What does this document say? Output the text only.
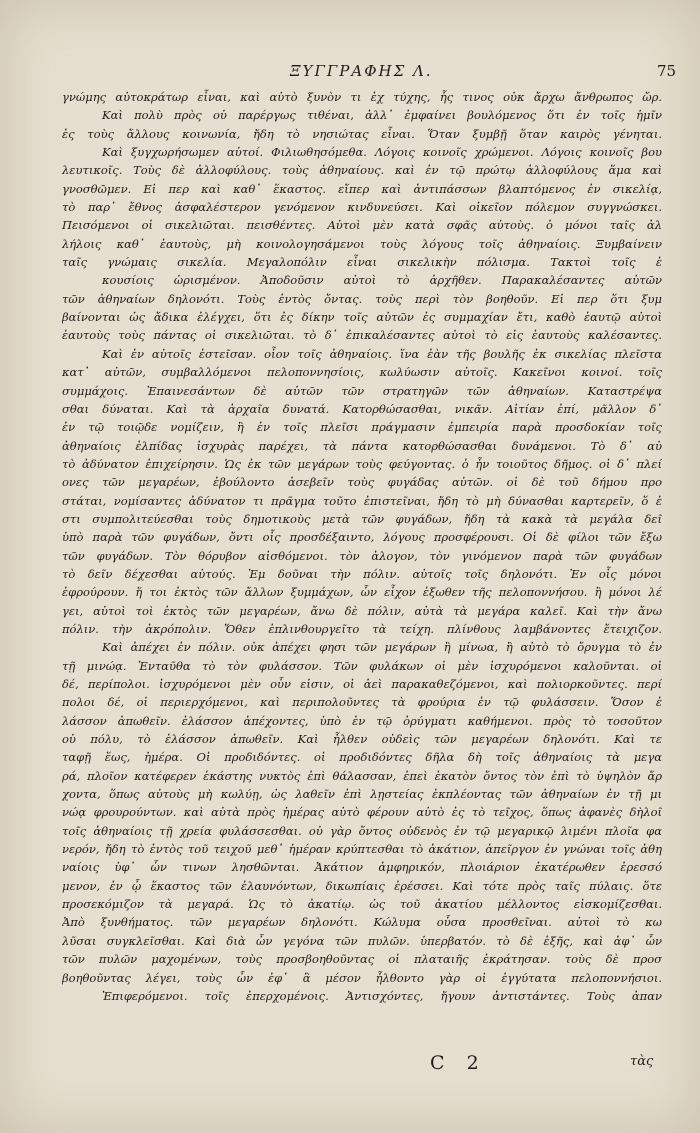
ΞΥΓΓΡΑΦΗΣ Λ.	75
γνώμης αὐτοκράτωρ εἶναι, καὶ αὐτὸ ξυνὸν τι ἐχ τύχης, ἧς τινος οὐκ ἄρχω ἄνθρωπος ὤρ.
Καὶ πολὺ πρὸς οὐ παρέργως τιθέναι, ἀλλ᾽ ἐμφαίνει βουλόμενος ὅτι ἐν τοῖς ἡμῖν
ἐς τοὺς ἄλλους κοινωνία, ἤδη τὸ νησιώτας εἶναι. Ὅταν ξυμβῇ ὅταν καιρὸς γένηται.
Καὶ ξυγχωρήσωμεν αὐτοί. Φιλιωθησόμεθα. Λόγοις κοινοῖς χρώμενοι. Λόγοις κοινοῖς βου
λευτικοῖς. Τοὺς δὲ ἀλλοφύλους. τοὺς ἀθηναίους. καὶ ἐν τῷ πρώτῳ ἀλλοφύλους ἅμα καὶ
γνοσθῶμεν. Εἰ περ καὶ καθ᾽ ἕκαστος. εἴπερ καὶ ἀντιπάσσων βλαπτόμενος ἐν σικελίᾳ,
τὸ παρ᾽ ἔθνος ἀσφαλέστερον γενόμενον κινδυνεύσει. Καὶ οἰκεῖον πόλεμον συγγνώσκει.
Πεισόμενοι οἱ σικελιῶται. πεισθέντες. Αὐτοὶ μὲν κατὰ σφᾶς αὐτοὺς. ὁ μόνοι ταῖς ἀλ
λήλοις καθ᾽ ἑαυτοὺς, μὴ κοινολογησάμενοι τοὺς λόγους τοῖς ἀθηναίοις. Ξυμβαίνειν
ταῖς γνώμαις σικελία. Μεγαλοπόλιν εἶναι σικελικὴν πόλισμα. Τακτοὶ τοῖς ἑ
κουσίοις ὡρισμένον. Ἀποδοῦσιν αὐτοὶ τὸ ἀρχῆθεν. Παρακαλέσαντες αὐτῶν
τῶν ἀθηναίων δηλονότι. Τοὺς ἐντὸς ὄντας. τοὺς περὶ τὸν βοηθοῦν. Εἰ περ ὅτι ξυμ
βαίνονται ὡς ἄδικα ἐλέγχει, ὅτι ἐς δίκην τοῖς αὐτῶν ἐς συμμαχίαν ἔτι, καθὸ ἑαυτῷ αὐτοὶ
ἑαυτοὺς τοὺς πάντας οἱ σικελιῶται. τὸ δ᾽ ἐπικαλέσαντες αὐτοὶ τὸ εἰς ἑαυτοὺς καλέσαντες.
Καὶ ἐν αὐτοῖς ἐστεῖσαν. οἷον τοῖς ἀθηναίοις. ἵνα ἐὰν τῆς βουλῆς ἐκ σικελίας πλεῖστα
κατ᾽ αὐτῶν, συμβαλλόμενοι πελοποννησίοις, κωλύωσιν αὐτοῖς. Κακεῖνοι κοινοί. τοῖς
συμμάχοις. Ἐπαινεσάντων δὲ αὐτῶν τῶν στρατηγῶν τῶν ἀθηναίων. Καταστρέψα
σθαι δύναται. Καὶ τὰ ἀρχαῖα δυνατά. Κατορθώσασθαι, νικᾶν. Αἰτίαν ἐπί, μᾶλλον δ᾽
ἐν τῷ τοιῷδε νομίζειν, ἢ ἐν τοῖς πλεῖσι πράγμασιν ἐμπειρία παρὰ προσδοκίαν τοῖς
ἀθηναίοις ἐλπίδας ἰσχυρὰς παρέχει, τὰ πάντα κατορθώσασθαι δυνάμενοι. Τὸ δ᾽ αὐ
τὸ ἀδύνατον ἐπιχείρησιν. Ὡς ἐκ τῶν μεγάρων τοὺς φεύγοντας. ὁ ἦν τοιοῦτος δῆμος. οἱ δ᾽ πλεί
ονες τῶν μεγαρέων, ἐβούλοντο ἀσεβεῖν τοὺς φυγάδας αὐτῶν. οἱ δὲ τοῦ δήμου προ
στάται, νομίσαντες ἀδύνατον τι πρᾶγμα τοῦτο ἐπιστεῖναι, ἤδη τὸ μὴ δύνασθαι καρτερεῖν, ὅ ἐ
στι συμπολιτεύεσθαι τοὺς δημοτικοὺς μετὰ τῶν φυγάδων, ἤδη τὰ κακὰ τὰ μεγάλα δεῖ
ὑπὸ παρὰ τῶν φυγάδων, ὄντι οἷς προσδέξαιντο, λόγους προσφέρουσι. Οἱ δὲ φίλοι τῶν ἔξω
τῶν φυγάδων. Τὸν θόρυβον αἰσθόμενοι. τὸν ἀλογον, τὸν γινόμενον παρὰ τῶν φυγάδων
τὸ δεῖν δέχεσθαι αὐτούς. Ἐμ δοῦναι τὴν πόλιν. αὐτοῖς τοῖς δηλονότι. Ἐν οἷς μόνοι
ἐφρούρουν. ἥ τοι ἐκτὸς τῶν ἄλλων ξυμμάχων, ὧν εἶχον ἐξωθεν τῆς πελοποννήσου. ἢ μόνοι λέ
γει, αὐτοὶ τοὶ ἐκτὸς τῶν μεγαρέων, ἄνω δὲ πόλιν, αὐτὰ τὰ μεγάρα καλεῖ. Καὶ τὴν ἄνω
πόλιν. τὴν ἀκρόπολιν. Ὅθεν ἐπλινθουργεῖτο τὰ τείχη. πλίνθους λαμβάνοντες ἔτειχιζον.
Καὶ ἀπέχει ἐν πόλιν. οὐκ ἀπέχει φησι τῶν μεγάρων ἢ μίνωα, ἢ αὐτὸ τὸ ὄρυγμα τὸ ἐν
τῇ μινώᾳ. Ἐνταῦθα τὸ τὸν φυλάσσον. Τῶν φυλάκων οἱ μὲν ἰσχυρόμενοι καλοῦνται. οἱ
δέ, περίπολοι. ἰσχυρόμενοι μὲν οὖν εἰσιν, οἱ ἀεὶ παρακαθεζόμενοι, καὶ πολιορκοῦντες. περί
πολοι δέ, οἱ περιερχόμενοι, καὶ περιπολοῦντες τὰ φρούρια ἐν τῷ φυλάσσειν. Ὅσον ἐ
λάσσον ἀπωθεῖν. ἐλάσσον ἀπέχοντες, ὑπὸ ἐν τῷ ὀρύγματι καθήμενοι. πρὸς τὸ τοσοῦτον
οὐ πόλυ, τὸ ἐλάσσον ἀπωθεῖν. Καὶ ἦλθεν οὐδεὶς τῶν μεγαρέων δηλονότι. Καὶ τε
ταφῇ ἕως, ἡμέρα. Οἱ προδιδόντες. οἱ προδιδόντες δῆλα δὴ τοῖς ἀθηναίοις τὰ μεγα
ρά, πλοῖον κατέφερεν ἑκάστης νυκτὸς ἐπὶ θάλασσαν, ἐπεὶ ἑκατὸν ὄντος τὸν ἐπὶ τὸ ὑψηλὸν ἄρ
χοντα, ὅπως αὐτοὺς μὴ κωλύῃ, ὡς λαθεῖν ἐπὶ λῃστείας ἐκπλέοντας τῶν ἀθηναίων ἐν τῇ μι
νώᾳ φρουρούντων. καὶ αὐτὰ πρὸς ἡμέρας αὐτὸ φέρουν αὐτὸ ἐς τὸ τεῖχος, ὅπως ἀφανὲς δὴλοῖ
τοῖς ἀθηναίοις τῇ χρεία φυλάσσεσθαι. οὐ γὰρ ὄντος οὐδενὸς ἐν τῷ μεγαρικῷ λιμένι πλοῖα φα
νερόν, ἤδη τὸ ἐντὸς τοῦ τειχοῦ μεθ᾽ ἡμέραν κρύπτεσθαι τὸ ἀκάτιον, ἀπεῖργον ἐν γνώναι τοῖς ἀθη
ναίοις ὑφ᾽ ὧν τινων λησθῶνται. Ἀκάτιον ἀμφηρικόν, πλοιάριον ἑκατέρωθεν ἐρεσσό
μενον, ἐν ᾧ ἕκαστος τῶν ἐλαυνόντων, δικωπίαις ἐρέσσει. Καὶ τότε πρὸς ταῖς πύλαις. ὅτε
προσεκόμιζον τὰ μεγαρά. Ὡς τὸ ἀκατίῳ. ὡς τοῦ ἀκατίου μέλλοντος εἰσκομίζεσθαι.
Ἀπὸ ξυνθήματος. τῶν μεγαρέων δηλονότι. Κώλυμα οὖσα προσθεῖναι. αὐτοὶ τὸ κω
λῦσαι συγκλεῖσθαι. Καὶ διὰ ὧν γεγόνα τῶν πυλῶν. ὑπερβατόν. τὸ δὲ ἑξῆς, καὶ ἀφ᾽ ὧν
τῶν πυλῶν μαχομένων, τοὺς προσβοηθοῦντας οἱ πλαταιῆς ἐκράτησαν. τοὺς δὲ προσ
βοηθοῦντας λέγει, τοὺς ὧν ἐφ᾽ ἃ μέσον ἦλθοντο γὰρ οἱ ἐγγύτατα πελοποννήσιοι.
Ἐπιφερόμενοι. τοῖς ἐπερχομένοις. Ἀντισχόντες, ἤγουν ἀντιστάντες. Τοὺς ἀπαν
C 2	τὰς
